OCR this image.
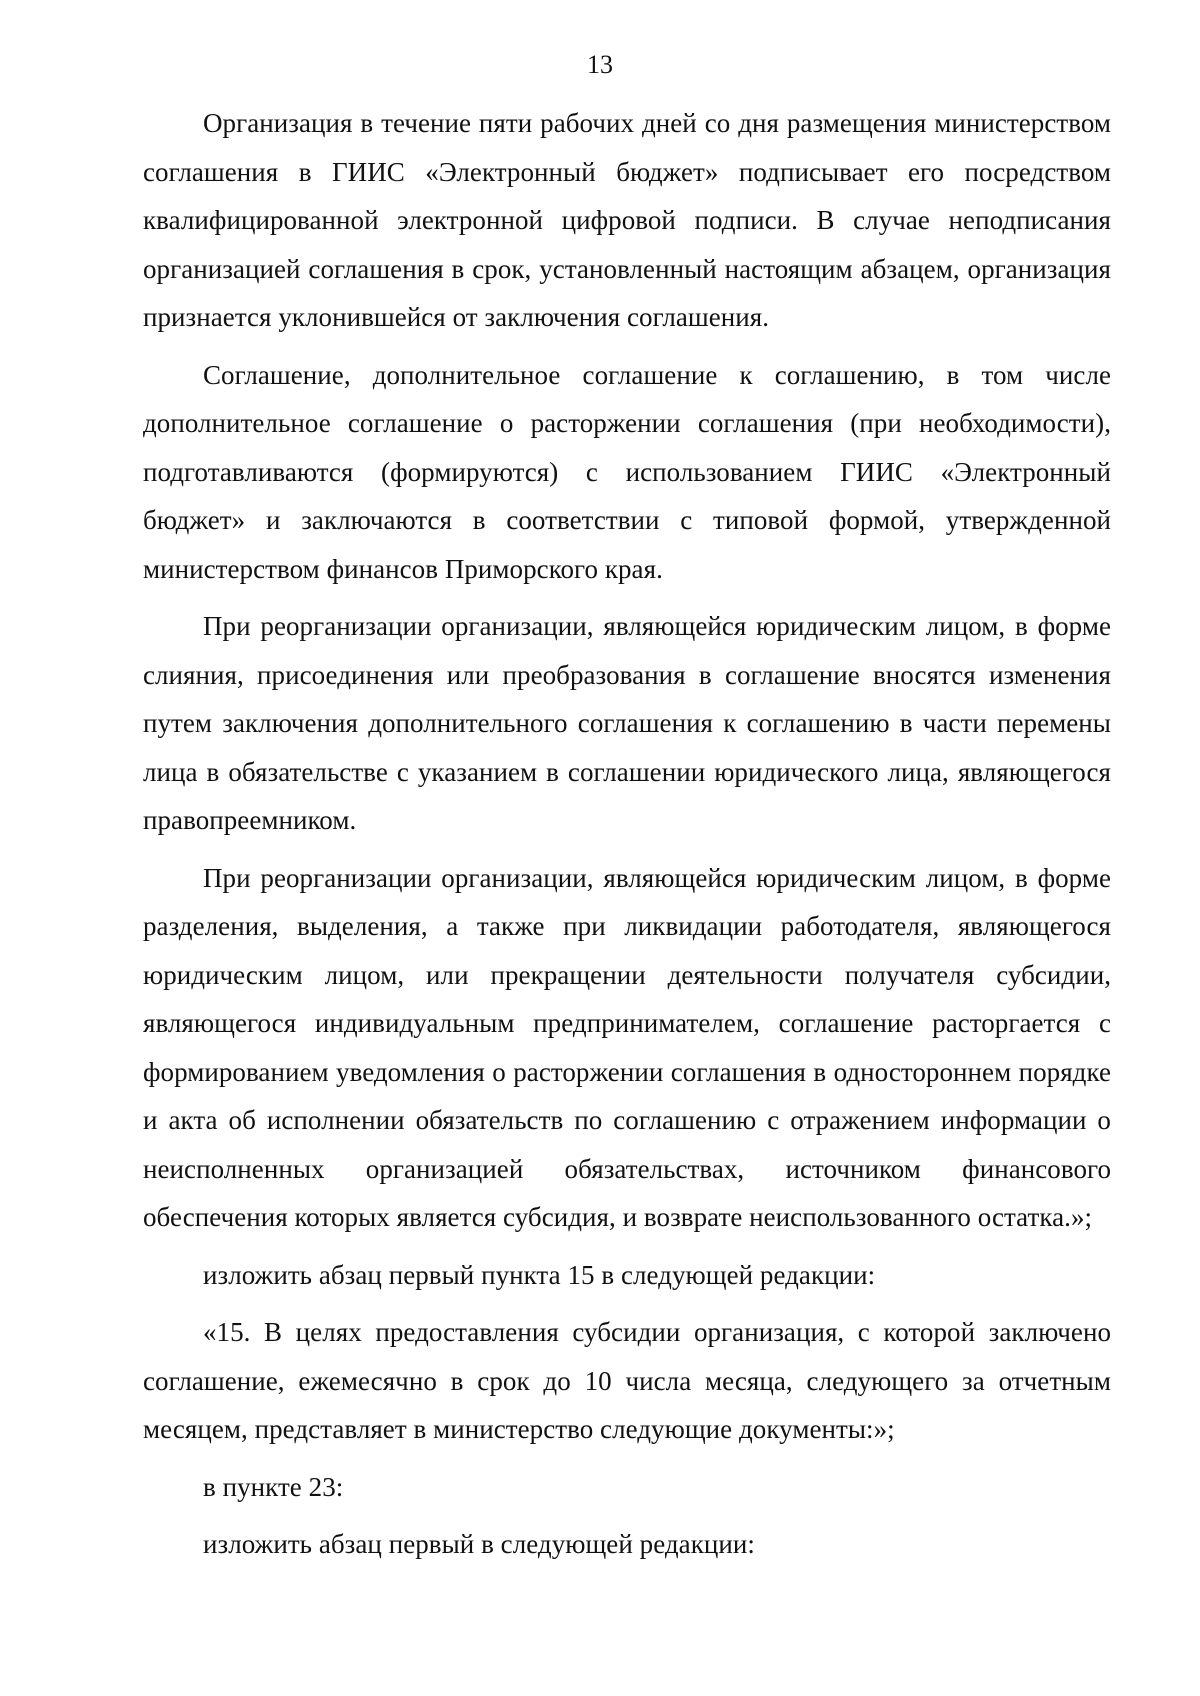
13

Организация в течение пяти рабочих дней со дня размещения министерством соглашения в ГИИС «Электронный бюджет» подписывает его посредством квалифицированной электронной цифровой подписи. В случае неподписания организацией соглашения в срок, установленный настоящим абзацем, организация признается уклонившейся от заключения соглашения.

Соглашение, дополнительное соглашение к соглашению, в том числе дополнительное соглашение о расторжении соглашения (при необходимости), подготавливаются (формируются) с использованием ГИИС «Электронный бюджет» и заключаются в соответствии с типовой формой, утвержденной министерством финансов Приморского края.

При реорганизации организации, являющейся юридическим лицом, в форме слияния, присоединения или преобразования в соглашение вносятся изменения путем заключения дополнительного соглашения к соглашению в части перемены лица в обязательстве с указанием в соглашении юридического лица, являющегося правопреемником.

При реорганизации организации, являющейся юридическим лицом, в форме разделения, выделения, а также при ликвидации работодателя, являющегося юридическим лицом, или прекращении деятельности получателя субсидии, являющегося индивидуальным предпринимателем, соглашение расторгается с формированием уведомления о расторжении соглашения в одностороннем порядке и акта об исполнении обязательств по соглашению с отражением информации о неисполненных организацией обязательствах, источником финансового обеспечения которых является субсидия, и возврате неиспользованного остатка.»;

изложить абзац первый пункта 15 в следующей редакции:

«15. В целях предоставления субсидии организация, с которой заключено соглашение, ежемесячно в срок до 10 числа месяца, следующего за отчетным месяцем, представляет в министерство следующие документы:»;

в пункте 23:

изложить абзац первый в следующей редакции:
